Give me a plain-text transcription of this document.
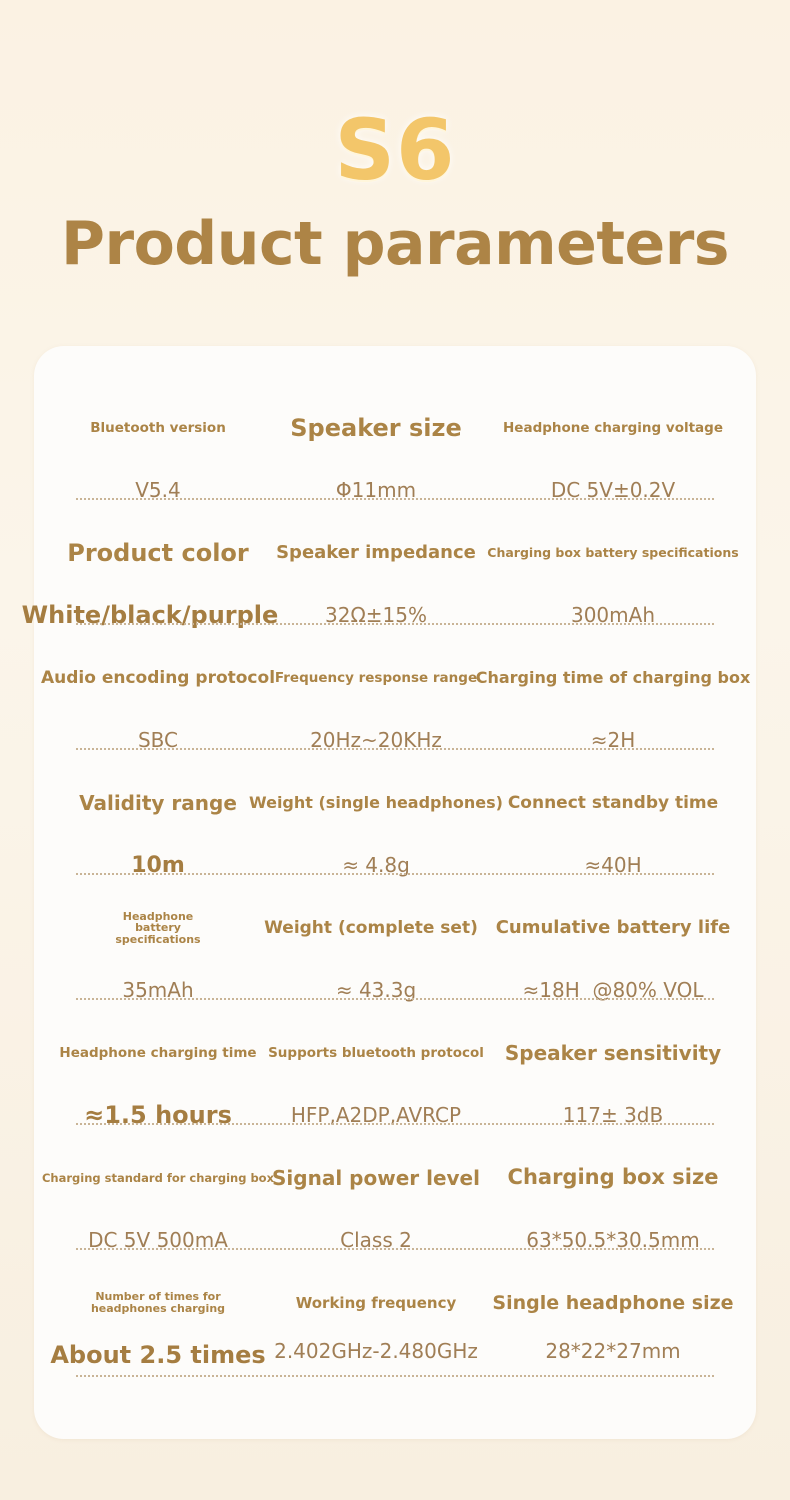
S6
Product parameters
Bluetooth version
V5.4
Speaker size
Φ11mm
Headphone charging voltage
DC 5V±0.2V
Product color
White/black/purple
Speaker impedance
32Ω±15%
Charging box battery specifications
300mAh
Audio encoding protocol
SBC
Frequency response range
20Hz~20KHz
Charging time of charging box
≈2H
Validity range
10m
Weight (single headphones)
≈ 4.8g
Connect standby time
≈40H
Headphone battery specifications
35mAh
Weight (complete set)
≈ 43.3g
Cumulative battery life
≈18H  @80% VOL
Headphone charging time
≈1.5 hours
Supports bluetooth protocol
HFP,A2DP,AVRCP
Speaker sensitivity
117± 3dB
Charging standard for charging box
DC 5V 500mA
Signal power level
Class 2
Charging box size
63*50.5*30.5mm
Number of times for headphones charging
About 2.5 times
Working frequency
2.402GHz-2.480GHz
Single headphone size
28*22*27mm
